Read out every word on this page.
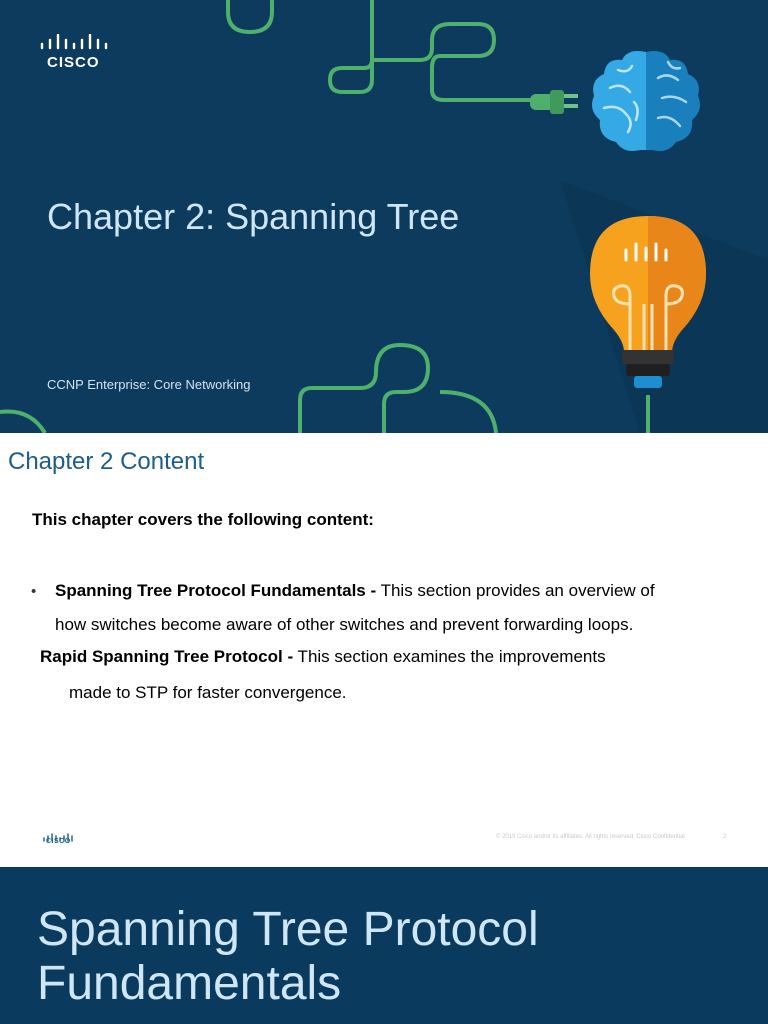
CISCO
Chapter 2: Spanning Tree
CCNP Enterprise: Core Networking
Chapter 2 Content
This chapter covers the following content:
• Spanning Tree Protocol Fundamentals - This section provides an overview of
how switches become aware of other switches and prevent forwarding loops.
Rapid Spanning Tree Protocol - This section examines the improvements
made to STP for faster convergence.
CISCO
© 2019 Cisco and/or its affiliates. All rights reserved. Cisco Confidential	2
Spanning Tree Protocol
Fundamentals
